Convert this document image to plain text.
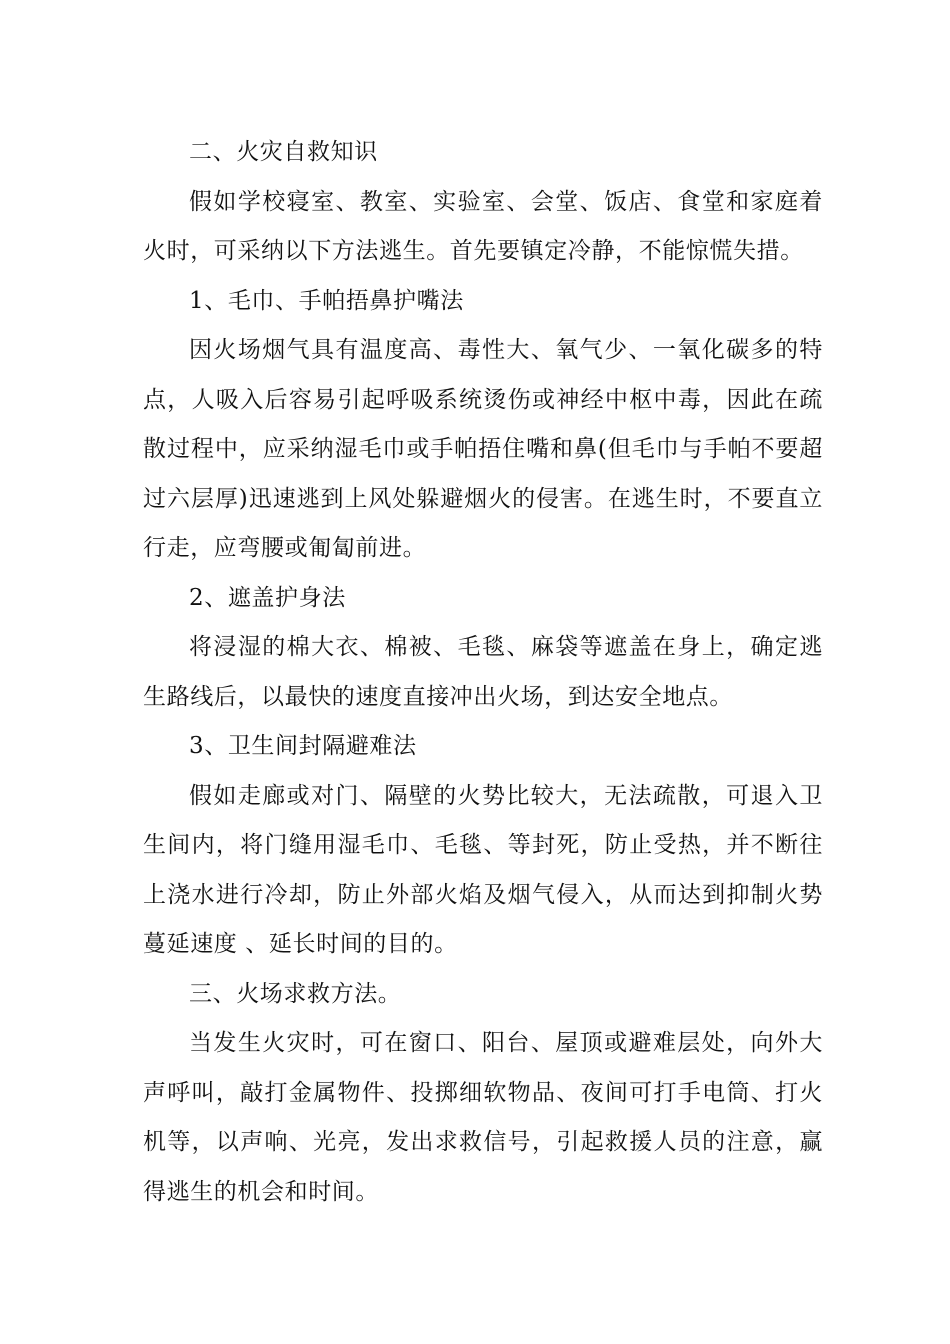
二、火灾自救知识

假如学校寝室、教室、实验室、会堂、饭店、食堂和家庭着火时，可采纳以下方法逃生。首先要镇定冷静，不能惊慌失措。

1、毛巾、手帕捂鼻护嘴法

因火场烟气具有温度高、毒性大、氧气少、一氧化碳多的特点，人吸入后容易引起呼吸系统烫伤或神经中枢中毒，因此在疏散过程中，应采纳湿毛巾或手帕捂住嘴和鼻(但毛巾与手帕不要超过六层厚)迅速逃到上风处躲避烟火的侵害。在逃生时，不要直立行走，应弯腰或匍匐前进。

2、遮盖护身法

将浸湿的棉大衣、棉被、毛毯、麻袋等遮盖在身上，确定逃生路线后，以最快的速度直接冲出火场，到达安全地点。

3、卫生间封隔避难法

假如走廊或对门、隔壁的火势比较大，无法疏散，可退入卫生间内，将门缝用湿毛巾、毛毯、等封死，防止受热，并不断往上浇水进行冷却，防止外部火焰及烟气侵入，从而达到抑制火势蔓延速度 、延长时间的目的。

三、火场求救方法。

当发生火灾时，可在窗口、阳台、屋顶或避难层处，向外大声呼叫，敲打金属物件、投掷细软物品、夜间可打手电筒、打火机等，以声响、光亮，发出求救信号，引起救援人员的注意，赢得逃生的机会和时间。
